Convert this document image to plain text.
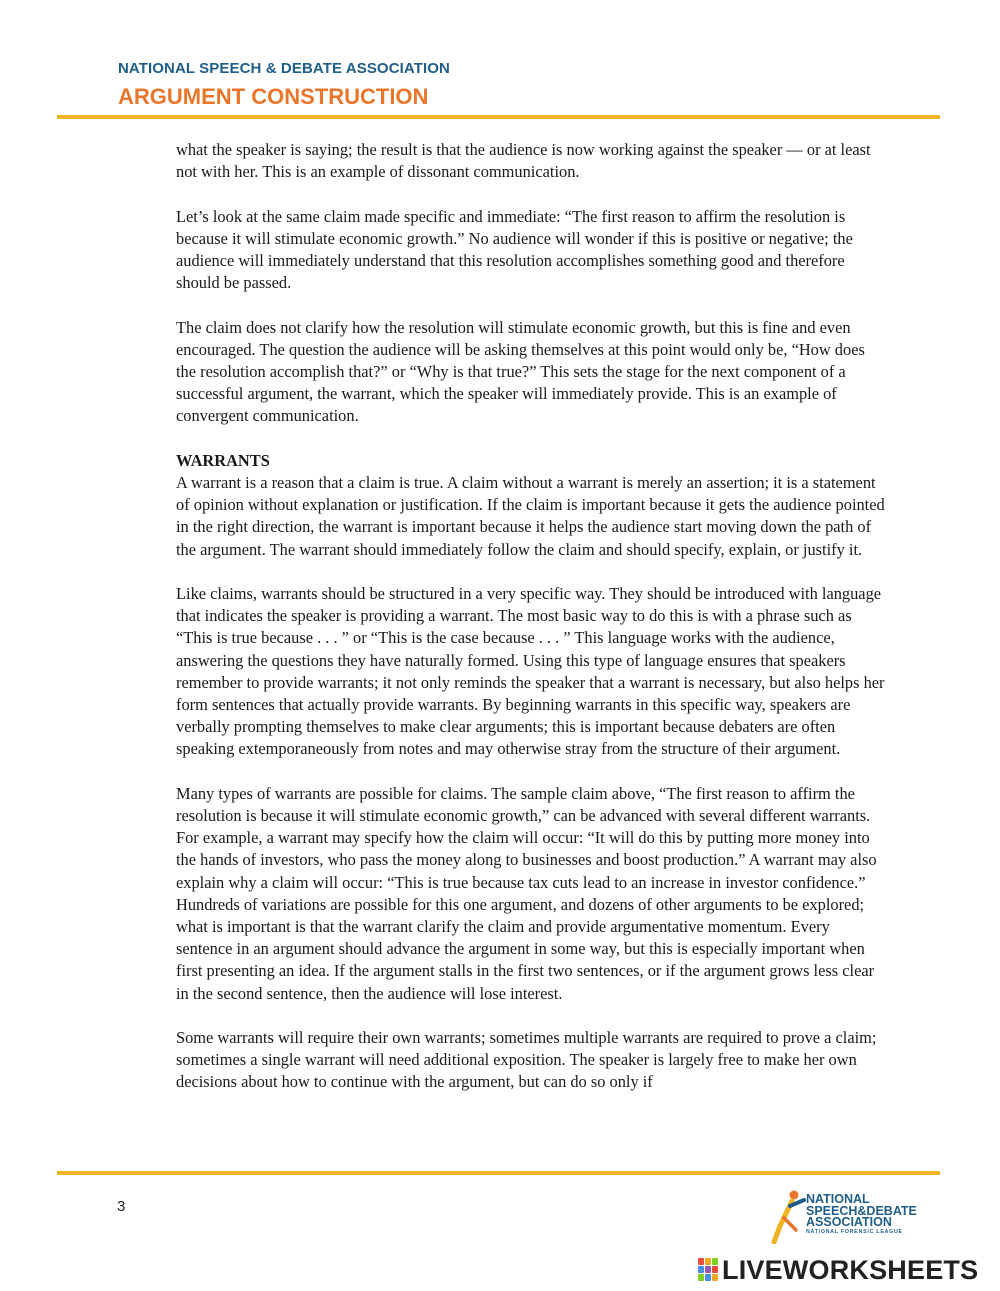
NATIONAL SPEECH & DEBATE ASSOCIATION
ARGUMENT CONSTRUCTION

what the speaker is saying; the result is that the audience is now working against the speaker — or at least not with her. This is an example of dissonant communication.

Let’s look at the same claim made specific and immediate: “The first reason to affirm the resolution is because it will stimulate economic growth.” No audience will wonder if this is positive or negative; the audience will immediately understand that this resolution accomplishes something good and therefore should be passed.

The claim does not clarify how the resolution will stimulate economic growth, but this is fine and even encouraged. The question the audience will be asking themselves at this point would only be, “How does the resolution accomplish that?” or “Why is that true?” This sets the stage for the next component of a successful argument, the warrant, which the speaker will immediately provide. This is an example of convergent communication.

WARRANTS

A warrant is a reason that a claim is true. A claim without a warrant is merely an assertion; it is a statement of opinion without explanation or justification. If the claim is important because it gets the audience pointed in the right direction, the warrant is important because it helps the audience start moving down the path of the argument. The warrant should immediately follow the claim and should specify, explain, or justify it.

Like claims, warrants should be structured in a very specific way. They should be introduced with language that indicates the speaker is providing a warrant. The most basic way to do this is with a phrase such as “This is true because . . . ” or “This is the case because . . . ” This language works with the audience, answering the questions they have naturally formed. Using this type of language ensures that speakers remember to provide warrants; it not only reminds the speaker that a warrant is necessary, but also helps her form sentences that actually provide warrants. By beginning warrants in this specific way, speakers are verbally prompting themselves to make clear arguments; this is important because debaters are often speaking extemporaneously from notes and may otherwise stray from the structure of their argument.

Many types of warrants are possible for claims. The sample claim above, “The first reason to affirm the resolution is because it will stimulate economic growth,” can be advanced with several different warrants. For example, a warrant may specify how the claim will occur: “It will do this by putting more money into the hands of investors, who pass the money along to businesses and boost production.” A warrant may also explain why a claim will occur: “This is true because tax cuts lead to an increase in investor confidence.” Hundreds of variations are possible for this one argument, and dozens of other arguments to be explored; what is important is that the warrant clarify the claim and provide argumentative momentum. Every sentence in an argument should advance the argument in some way, but this is especially important when first presenting an idea. If the argument stalls in the first two sentences, or if the argument grows less clear in the second sentence, then the audience will lose interest.

Some warrants will require their own warrants; sometimes multiple warrants are required to prove a claim; sometimes a single warrant will need additional exposition. The speaker is largely free to make her own decisions about how to continue with the argument, but can do so only if

3	NATIONAL
SPEECH&DEBATE
ASSOCIATION
NATIONAL FORENSIC LEAGUE
LIVEWORKSHEETS
